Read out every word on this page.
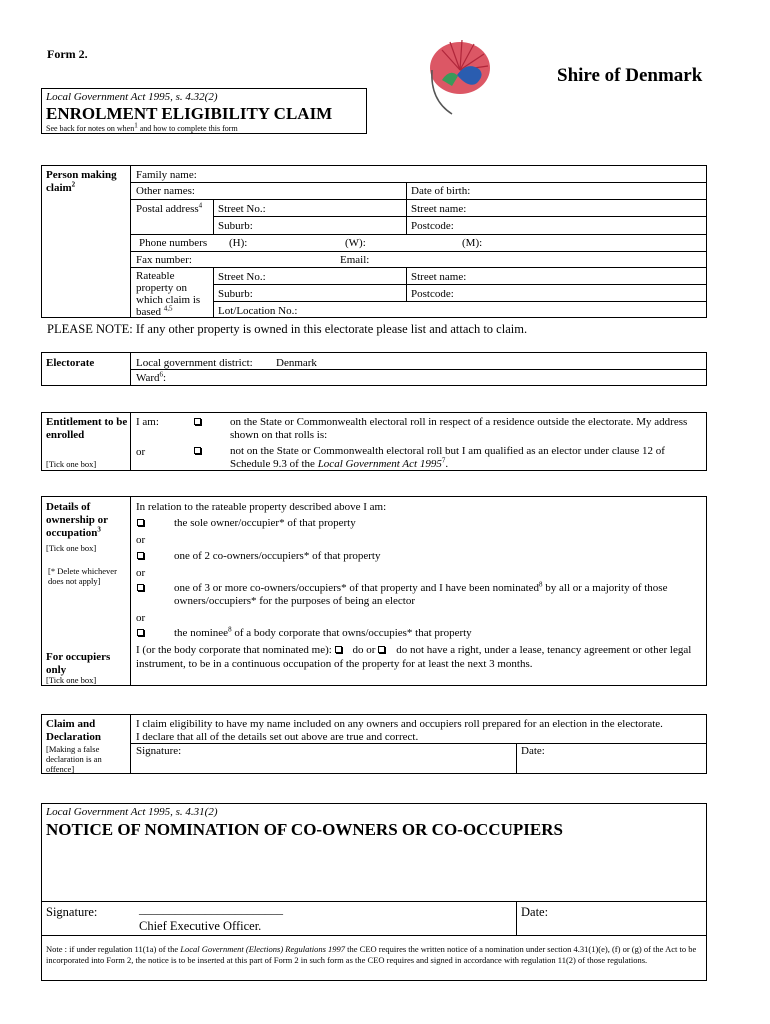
Form 2.
Shire of Denmark
Local Government Act 1995, s. 4.32(2)
ENROLMENT ELIGIBILITY CLAIM
See back for notes on when1 and how to complete this form
Person making claim$^2$
Family name:
Other names:	Date of birth:
Postal address$^4$	Street No.:	Street name:
Suburb:	Postcode:
Phone numbers (H):	(W):	(M):
Fax number:	Email:
Rateable property on which claim is based $^{4,5}$
Street No.:	Street name:
Suburb:	Postcode:
Lot/Location No.:
PLEASE NOTE: If any other property is owned in this electorate please list and attach to claim.
Electorate	Local government district: Denmark
Ward$^6$:
Entitlement to be enrolled
[Tick one box]
I am:	on the State or Commonwealth electoral roll in respect of a residence outside the electorate. My address shown on that rolls is:
or	not on the State or Commonwealth electoral roll but I am qualified as an elector under clause 12 of Schedule 9.3 of the Local Government Act 1995$^7$.
Details of ownership or occupation$^3$
[Tick one box]
[* Delete whichever does not apply]
In relation to the rateable property described above I am:
the sole owner/occupier* of that property
or
one of 2 co-owners/occupiers* of that property
or
one of 3 or more co-owners/occupiers* of that property and I have been nominated$^8$ by all or a majority of those owners/occupiers* for the purposes of being an elector
or
the nominee$^8$ of a body corporate that owns/occupies* that property
For occupiers only
[Tick one box]
I (or the body corporate that nominated me): do or do not have a right, under a lease, tenancy agreement or other legal instrument, to be in a continuous occupation of the property for at least the next 3 months.
Claim and Declaration
[Making a false declaration is an offence]
I claim eligibility to have my name included on any owners and occupiers roll prepared for an election in the electorate.
I declare that all of the details set out above are true and correct.
Signature:	Date:
Local Government Act 1995, s. 4.31(2)
NOTICE OF NOMINATION OF CO-OWNERS OR CO-OCCUPIERS
Signature:	________________________
Chief Executive Officer.
Date:
Note : if under regulation 11(1a) of the Local Government (Elections) Regulations 1997 the CEO requires the written notice of a nomination under section 4.31(1)(e), (f) or (g) of the Act to be incorporated into Form 2, the notice is to be inserted at this part of Form 2 in such form as the CEO requires and signed in accordance with regulation 11(2) of those regulations.
